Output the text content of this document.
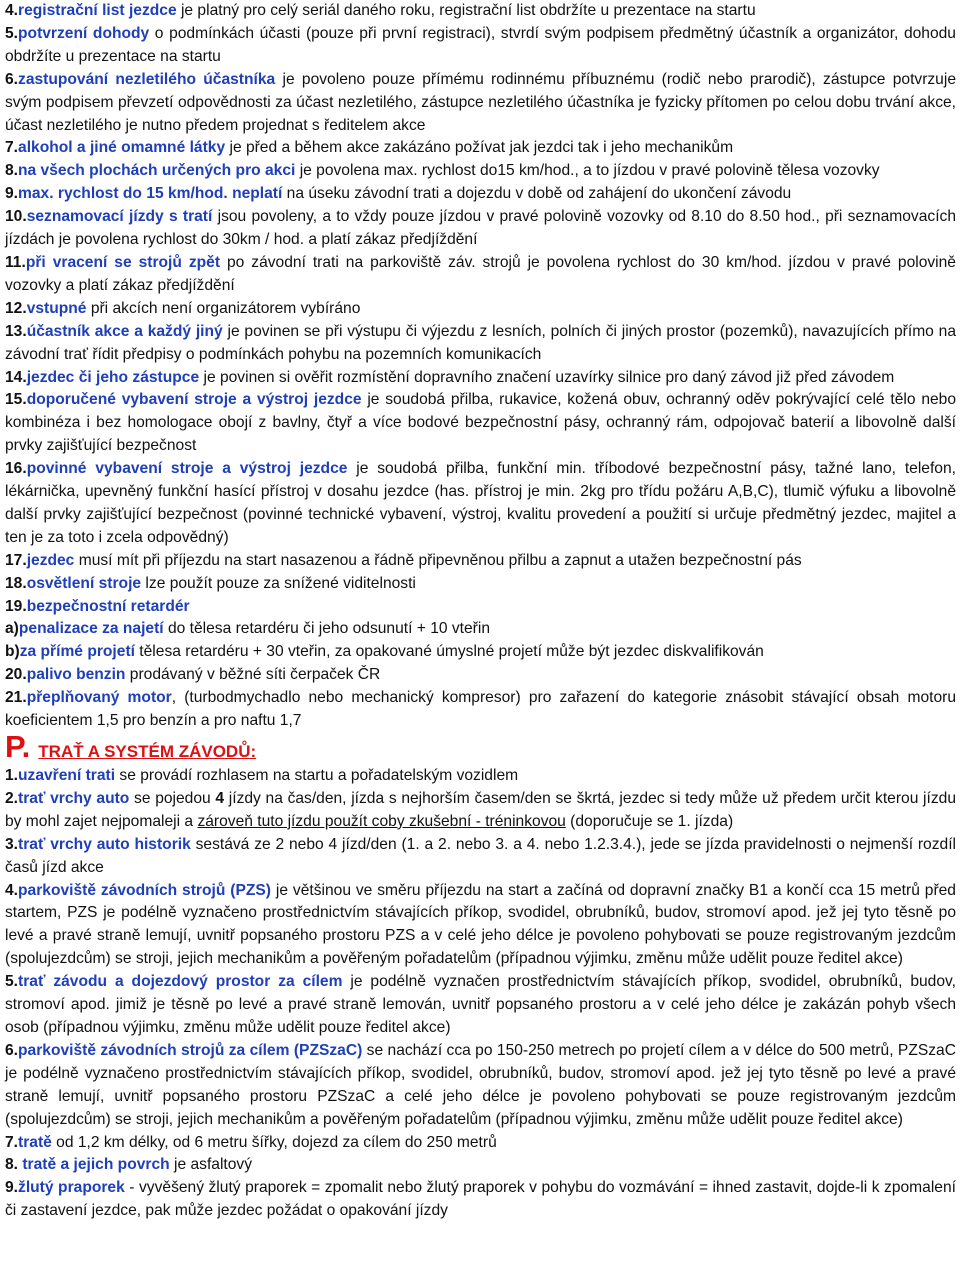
4.registrační list jezdce je platný pro celý seriál daného roku, registrační list obdržíte u prezentace na startu

5.potvrzení dohody o podmínkách účasti (pouze při první registraci), stvrdí svým podpisem předmětný účastník a organizátor, dohodu obdržíte u prezentace na startu

6.zastupování nezletilého účastníka je povoleno pouze přímému rodinnému příbuznému (rodič nebo prarodič), zástupce potvrzuje svým podpisem převzetí odpovědnosti za účast nezletilého, zástupce nezletilého účastníka je fyzicky přítomen po celou dobu trvání akce, účast nezletilého je nutno předem projednat s ředitelem akce

7.alkohol a jiné omamné látky je před a během akce zakázáno požívat jak jezdci tak i jeho mechanikům

8.na všech plochách určených pro akci je povolena max. rychlost do15 km/hod., a to jízdou v pravé polovině tělesa vozovky

9.max. rychlost do 15 km/hod. neplatí na úseku závodní trati a dojezdu v době od zahájení do ukončení závodu

10.seznamovací jízdy s tratí jsou povoleny, a to vždy pouze jízdou v pravé polovině vozovky od 8.10 do 8.50 hod., při seznamovacích jízdách je povolena rychlost do 30km / hod. a platí zákaz předjíždění

11.při vracení se strojů zpět po závodní trati na parkoviště záv. strojů je povolena rychlost do 30 km/hod. jízdou v pravé polovině vozovky a platí zákaz předjíždění

12.vstupné při akcích není organizátorem vybíráno

13.účastník akce a každý jiný je povinen se při výstupu či výjezdu z lesních, polních či jiných prostor (pozemků), navazujících přímo na závodní trať řídit předpisy o podmínkách pohybu na pozemních komunikacích

14.jezdec či jeho zástupce je povinen si ověřit rozmístění dopravního značení uzavírky silnice pro daný závod již před závodem

15.doporučené vybavení stroje a výstroj jezdce je soudobá přilba, rukavice, kožená obuv, ochranný oděv pokrývající celé tělo nebo kombinéza i bez homologace obojí z bavlny, čtyř a více bodové bezpečnostní pásy, ochranný rám, odpojovač baterií a libovolně další prvky zajišťující bezpečnost

16.povinné vybavení stroje a výstroj jezdce je soudobá přilba, funkční min. tříbodové bezpečnostní pásy, tažné lano, telefon, lékárnička, upevněný funkční hasící přístroj v dosahu jezdce (has. přístroj je min. 2kg pro třídu požáru A,B,C), tlumič výfuku a libovolně další prvky zajišťující bezpečnost (povinné technické vybavení, výstroj, kvalitu provedení a použití si určuje předmětný jezdec, majitel a ten je za toto i zcela odpovědný)

17.jezdec musí mít při příjezdu na start nasazenou a řádně připevněnou přilbu a zapnut a utažen bezpečnostní pás

18.osvětlení stroje lze použít pouze za snížené viditelnosti

19.bezpečnostní retardér

a)penalizace za najetí do tělesa retardéru či jeho odsunutí + 10 vteřin

b)za přímé projetí tělesa retardéru + 30 vteřin, za opakované úmyslné projetí může být jezdec diskvalifikován

20.palivo benzin prodávaný v běžné síti čerpaček ČR

21.přeplňovaný motor, (turbodmychadlo nebo mechanický kompresor) pro zařazení do kategorie znásobit stávající obsah motoru koeficientem 1,5 pro benzín a pro naftu 1,7

P. TRAŤ A SYSTÉM ZÁVODŮ:

1.uzavření trati se provádí rozhlasem na startu a pořadatelským vozidlem

2.trať vrchy auto se pojedou 4 jízdy na čas/den, jízda s nejhorším časem/den se škrtá, jezdec si tedy může už předem určit kterou jízdu by mohl zajet nejpomaleji a zároveň tuto jízdu použít coby zkušební - tréninkovou (doporučuje se 1. jízda)

3.trať vrchy auto historik sestává ze 2 nebo 4 jízd/den (1. a 2. nebo 3. a 4. nebo 1.2.3.4.), jede se jízda pravidelnosti o nejmenší rozdíl časů jízd akce

4.parkoviště závodních strojů (PZS) je většinou ve směru příjezdu na start a začíná od dopravní značky B1 a končí cca 15 metrů před startem, PZS je podélně vyznačeno prostřednictvím stávajících příkop, svodidel, obrubníků, budov, stromoví apod. jež jej tyto těsně po levé a pravé straně lemují, uvnitř popsaného prostoru PZS a v celé jeho délce je povoleno pohybovati se pouze registrovaným jezdcům (spolujezdcům) se stroji, jejich mechanikům a pověřeným pořadatelům (případnou výjimku, změnu může udělit pouze ředitel akce)

5.trať závodu a dojezdový prostor za cílem je podélně vyznačen prostřednictvím stávajících příkop, svodidel, obrubníků, budov, stromoví apod. jimiž je těsně po levé a pravé straně lemován, uvnitř popsaného prostoru a v celé jeho délce je zakázán pohyb všech osob (případnou výjimku, změnu může udělit pouze ředitel akce)

6.parkoviště závodních strojů za cílem (PZSzaC) se nachází cca po 150-250 metrech po projetí cílem a v délce do 500 metrů, PZSzaC je podélně vyznačeno prostřednictvím stávajících příkop, svodidel, obrubníků, budov, stromoví apod. jež jej tyto těsně po levé a pravé straně lemují, uvnitř popsaného prostoru PZSzaC a celé jeho délce je povoleno pohybovati se pouze registrovaným jezdcům (spolujezdcům) se stroji, jejich mechanikům a pověřeným pořadatelům (případnou výjimku, změnu může udělit pouze ředitel akce)

7.tratě od 1,2 km délky, od 6 metru šířky, dojezd za cílem do 250 metrů

8. tratě a jejich povrch je asfaltový

9.žlutý praporek - vyvěšený žlutý praporek = zpomalit nebo žlutý praporek v pohybu do vozmávání = ihned zastavit, dojde-li k zpomalení či zastavení jezdce, pak může jezdec požádat o opakování jízdy
